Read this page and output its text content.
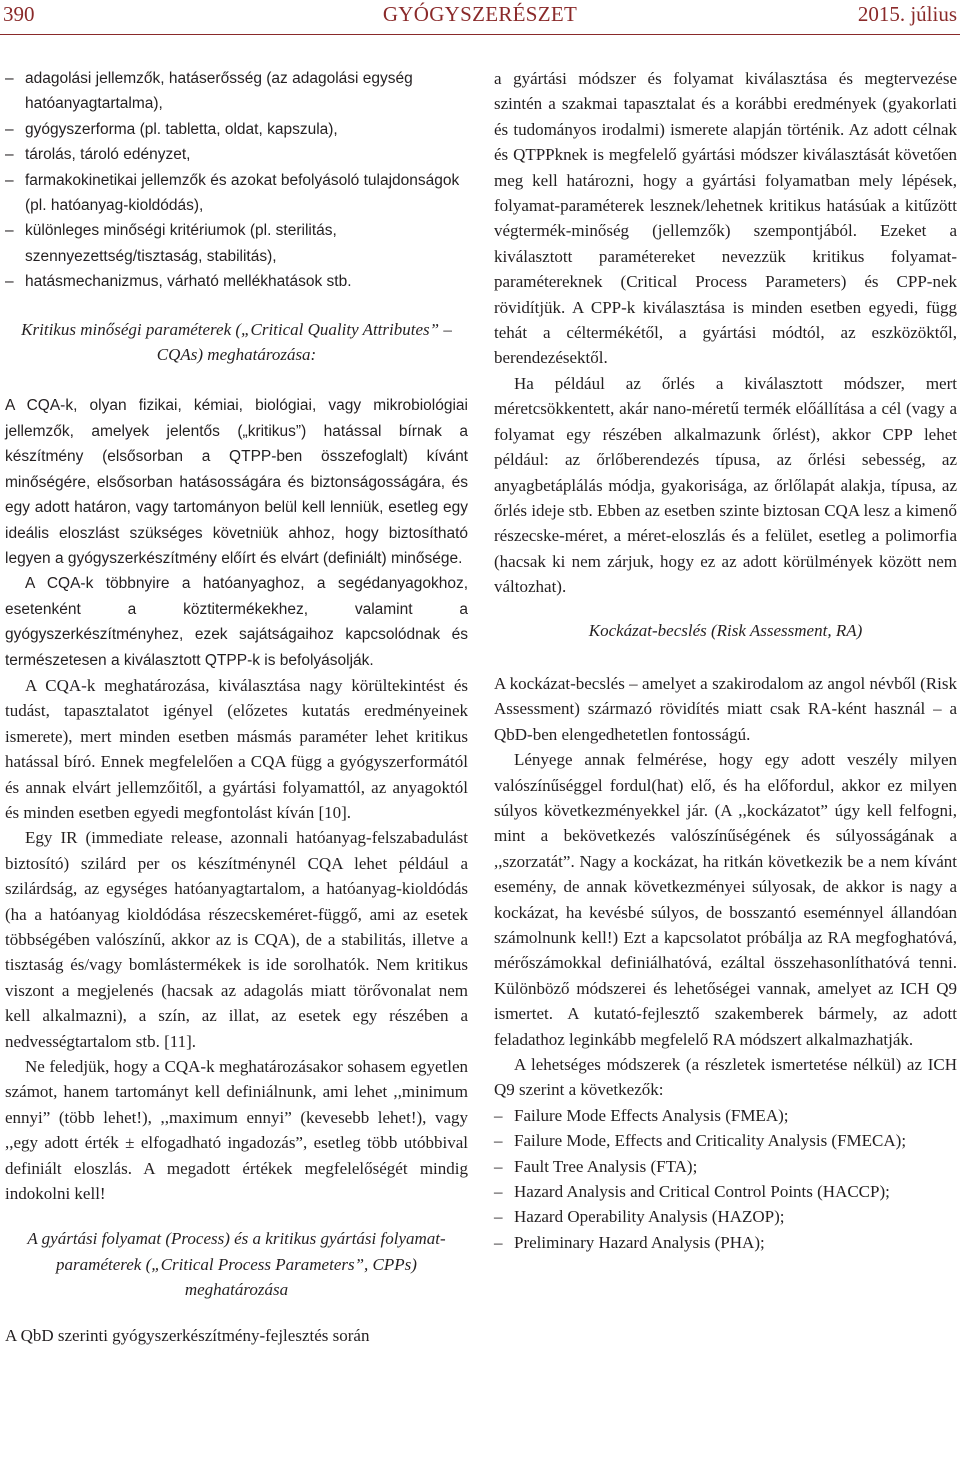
390	GYÓGYSZERÉSZET	2015. július
– adagolási jellemzők, hatáserősség (az adagolási egység hatóanyagtartalma),
– gyógyszerforma (pl. tabletta, oldat, kapszula),
– tárolás, tároló edényzet,
– farmakokinetikai jellemzők és azokat befolyásoló tulajdonságok (pl. hatóanyag-kioldódás),
– különleges minőségi kritériumok (pl. sterilitás, szennyezettség/tisztaság, stabilitás),
– hatásmechanizmus, várható mellékhatások stb.

Kritikus minőségi paraméterek („Critical Quality Attributes” – CQAs) meghatározása:

A CQA-k, olyan fizikai, kémiai, biológiai, vagy mikrobiológiai jellemzők, amelyek jelentős („kritikus”) hatással bírnak a készítmény (elsősorban a QTPP-ben összefoglalt) kívánt minőségére, elsősorban hatásosságára és biztonságosságára, és egy adott határon, vagy tartományon belül kell lenniük, esetleg egy ideális eloszlást szükséges követniük ahhoz, hogy biztosítható legyen a gyógyszerkészítmény előírt és elvárt (definiált) minősége.

A CQA-k többnyire a hatóanyaghoz, a segédanyagokhoz, esetenként a köztitermékekhez, valamint a gyógyszerkészítményhez, ezek sajátságaihoz kapcsolódnak és természetesen a kiválasztott QTPP-k is befolyásolják.

A CQA-k meghatározása, kiválasztása nagy körültekintést és tudást, tapasztalatot igényel (előzetes kutatás eredményeinek ismerete), mert minden esetben másmás paraméter lehet kritikus hatással bíró. Ennek megfelelően a CQA függ a gyógyszerformától és annak elvárt jellemzőitől, a gyártási folyamattól, az anyagoktól és minden esetben egyedi megfontolást kíván [10].

Egy IR (immediate release, azonnali hatóanyag-felszabadulást biztosító) szilárd per os készítménynél CQA lehet például a szilárdság, az egységes hatóanyagtartalom, a hatóanyag-kioldódás (ha a hatóanyag kioldódása részecskeméret-függő, ami az esetek többségében valószínű, akkor az is CQA), de a stabilitás, illetve a tisztaság és/vagy bomlástermékek is ide sorolhatók. Nem kritikus viszont a megjelenés (hacsak az adagolás miatt törővonalat nem kell alkalmazni), a szín, az illat, az esetek egy részében a nedvességtartalom stb. [11].

Ne feledjük, hogy a CQA-k meghatározásakor sohasem egyetlen számot, hanem tartományt kell definiálnunk, ami lehet ,,minimum ennyi” (több lehet!), ,,maximum ennyi” (kevesebb lehet!), vagy ,,egy adott érték ± elfogadható ingadozás”, esetleg több utóbbival definiált eloszlás. A megadott értékek megfelelőségét mindig indokolni kell!

A gyártási folyamat (Process) és a kritikus gyártási folyamat-paraméterek („Critical Process Parameters”, CPPs) meghatározása

A QbD szerinti gyógyszerkészítmény-fejlesztés során

a gyártási módszer és folyamat kiválasztása és megtervezése szintén a szakmai tapasztalat és a korábbi eredmények (gyakorlati és tudományos irodalmi) ismerete alapján történik. Az adott célnak és QTPPknek is megfelelő gyártási módszer kiválasztását követően meg kell határozni, hogy a gyártási folyamatban mely lépések, folyamat-paraméterek lesznek/lehetnek kritikus hatásúak a kitűzött végtermék-minőség (jellemzők) szempontjából. Ezeket a kiválasztott paramétereket nevezzük kritikus folyamat-paramétereknek (Critical Process Parameters) és CPP-nek rövidítjük. A CPP-k kiválasztása is minden esetben egyedi, függ tehát a céltermékétől, a gyártási módtól, az eszközöktől, berendezésektől.

Ha például az őrlés a kiválasztott módszer, mert méretcsökkentett, akár nano-méretű termék előállítása a cél (vagy a folyamat egy részében alkalmazunk őrlést), akkor CPP lehet például: az őrlőberendezés típusa, az őrlési sebesség, az anyagbetáplálás módja, gyakorisága, az őrlőlapát alakja, típusa, az őrlés ideje stb. Ebben az esetben szinte biztosan CQA lesz a kimenő részecske-méret, a méret-eloszlás és a felület, esetleg a polimorfia (hacsak ki nem zárjuk, hogy ez az adott körülmények között nem változhat).

Kockázat-becslés (Risk Assessment, RA)

A kockázat-becslés – amelyet a szakirodalom az angol névből (Risk Assessment) származó rövidítés miatt csak RA-ként használ – a QbD-ben elengedhetetlen fontosságú.

Lényege annak felmérése, hogy egy adott veszély milyen valószínűséggel fordul(hat) elő, és ha előfordul, akkor ez milyen súlyos következményekkel jár. (A ,,kockázatot” úgy kell felfogni, mint a bekövetkezés valószínűségének és súlyosságának a ,,szorzatát”. Nagy a kockázat, ha ritkán következik be a nem kívánt esemény, de annak következményei súlyosak, de akkor is nagy a kockázat, ha kevésbé súlyos, de bosszantó eseménnyel állandóan számolnunk kell!) Ezt a kapcsolatot próbálja az RA megfoghatóvá, mérőszámokkal definiálhatóvá, ezáltal összehasonlíthatóvá tenni. Különböző módszerei és lehetőségei vannak, amelyet az ICH Q9 ismertet. A kutató-fejlesztő szakemberek bármely, az adott feladathoz leginkább megfelelő RA módszert alkalmazhatják.

A lehetséges módszerek (a részletek ismertetése nélkül) az ICH Q9 szerint a következők:

– Failure Mode Effects Analysis (FMEA);
– Failure Mode, Effects and Criticality Analysis (FMECA);
– Fault Tree Analysis (FTA);
– Hazard Analysis and Critical Control Points (HACCP);
– Hazard Operability Analysis (HAZOP);
– Preliminary Hazard Analysis (PHA);
